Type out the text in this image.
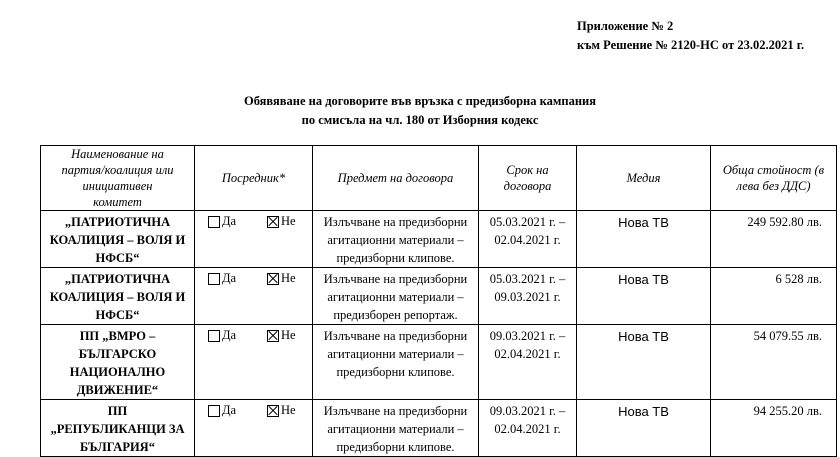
Приложение № 2
към Решение № 2120-НС от 23.02.2021 г.
Обявяване на договорите във връзка с предизборна кампания
по смисъла на чл. 180 от Изборния кодекс
Наименование на партия/коалиция или инициативен комитет	Посредник*	Предмет на договора	Срок на договора	Медия	Обща стойност (в лева без ДДС)
„ПАТРИОТИЧНА КОАЛИЦИЯ – ВОЛЯ И НФСБ“	Да Не	Излъчване на предизборни агитационни материали – предизборни клипове.	05.03.2021 г. – 02.04.2021 г.	Нова ТВ	249 592.80 лв.
„ПАТРИОТИЧНА КОАЛИЦИЯ – ВОЛЯ И НФСБ“	Да Не	Излъчване на предизборни агитационни материали – предизборен репортаж.	05.03.2021 г. – 09.03.2021 г.	Нова ТВ	6 528 лв.
ПП „ВМРО – БЪЛГАРСКО НАЦИОНАЛНО ДВИЖЕНИЕ“	Да Не	Излъчване на предизборни агитационни материали – предизборни клипове.	09.03.2021 г. – 02.04.2021 г.	Нова ТВ	54 079.55 лв.
ПП „РЕПУБЛИКАНЦИ ЗА БЪЛГАРИЯ“	Да Не	Излъчване на предизборни агитационни материали – предизборни клипове.	09.03.2021 г. – 02.04.2021 г.	Нова ТВ	94 255.20 лв.
